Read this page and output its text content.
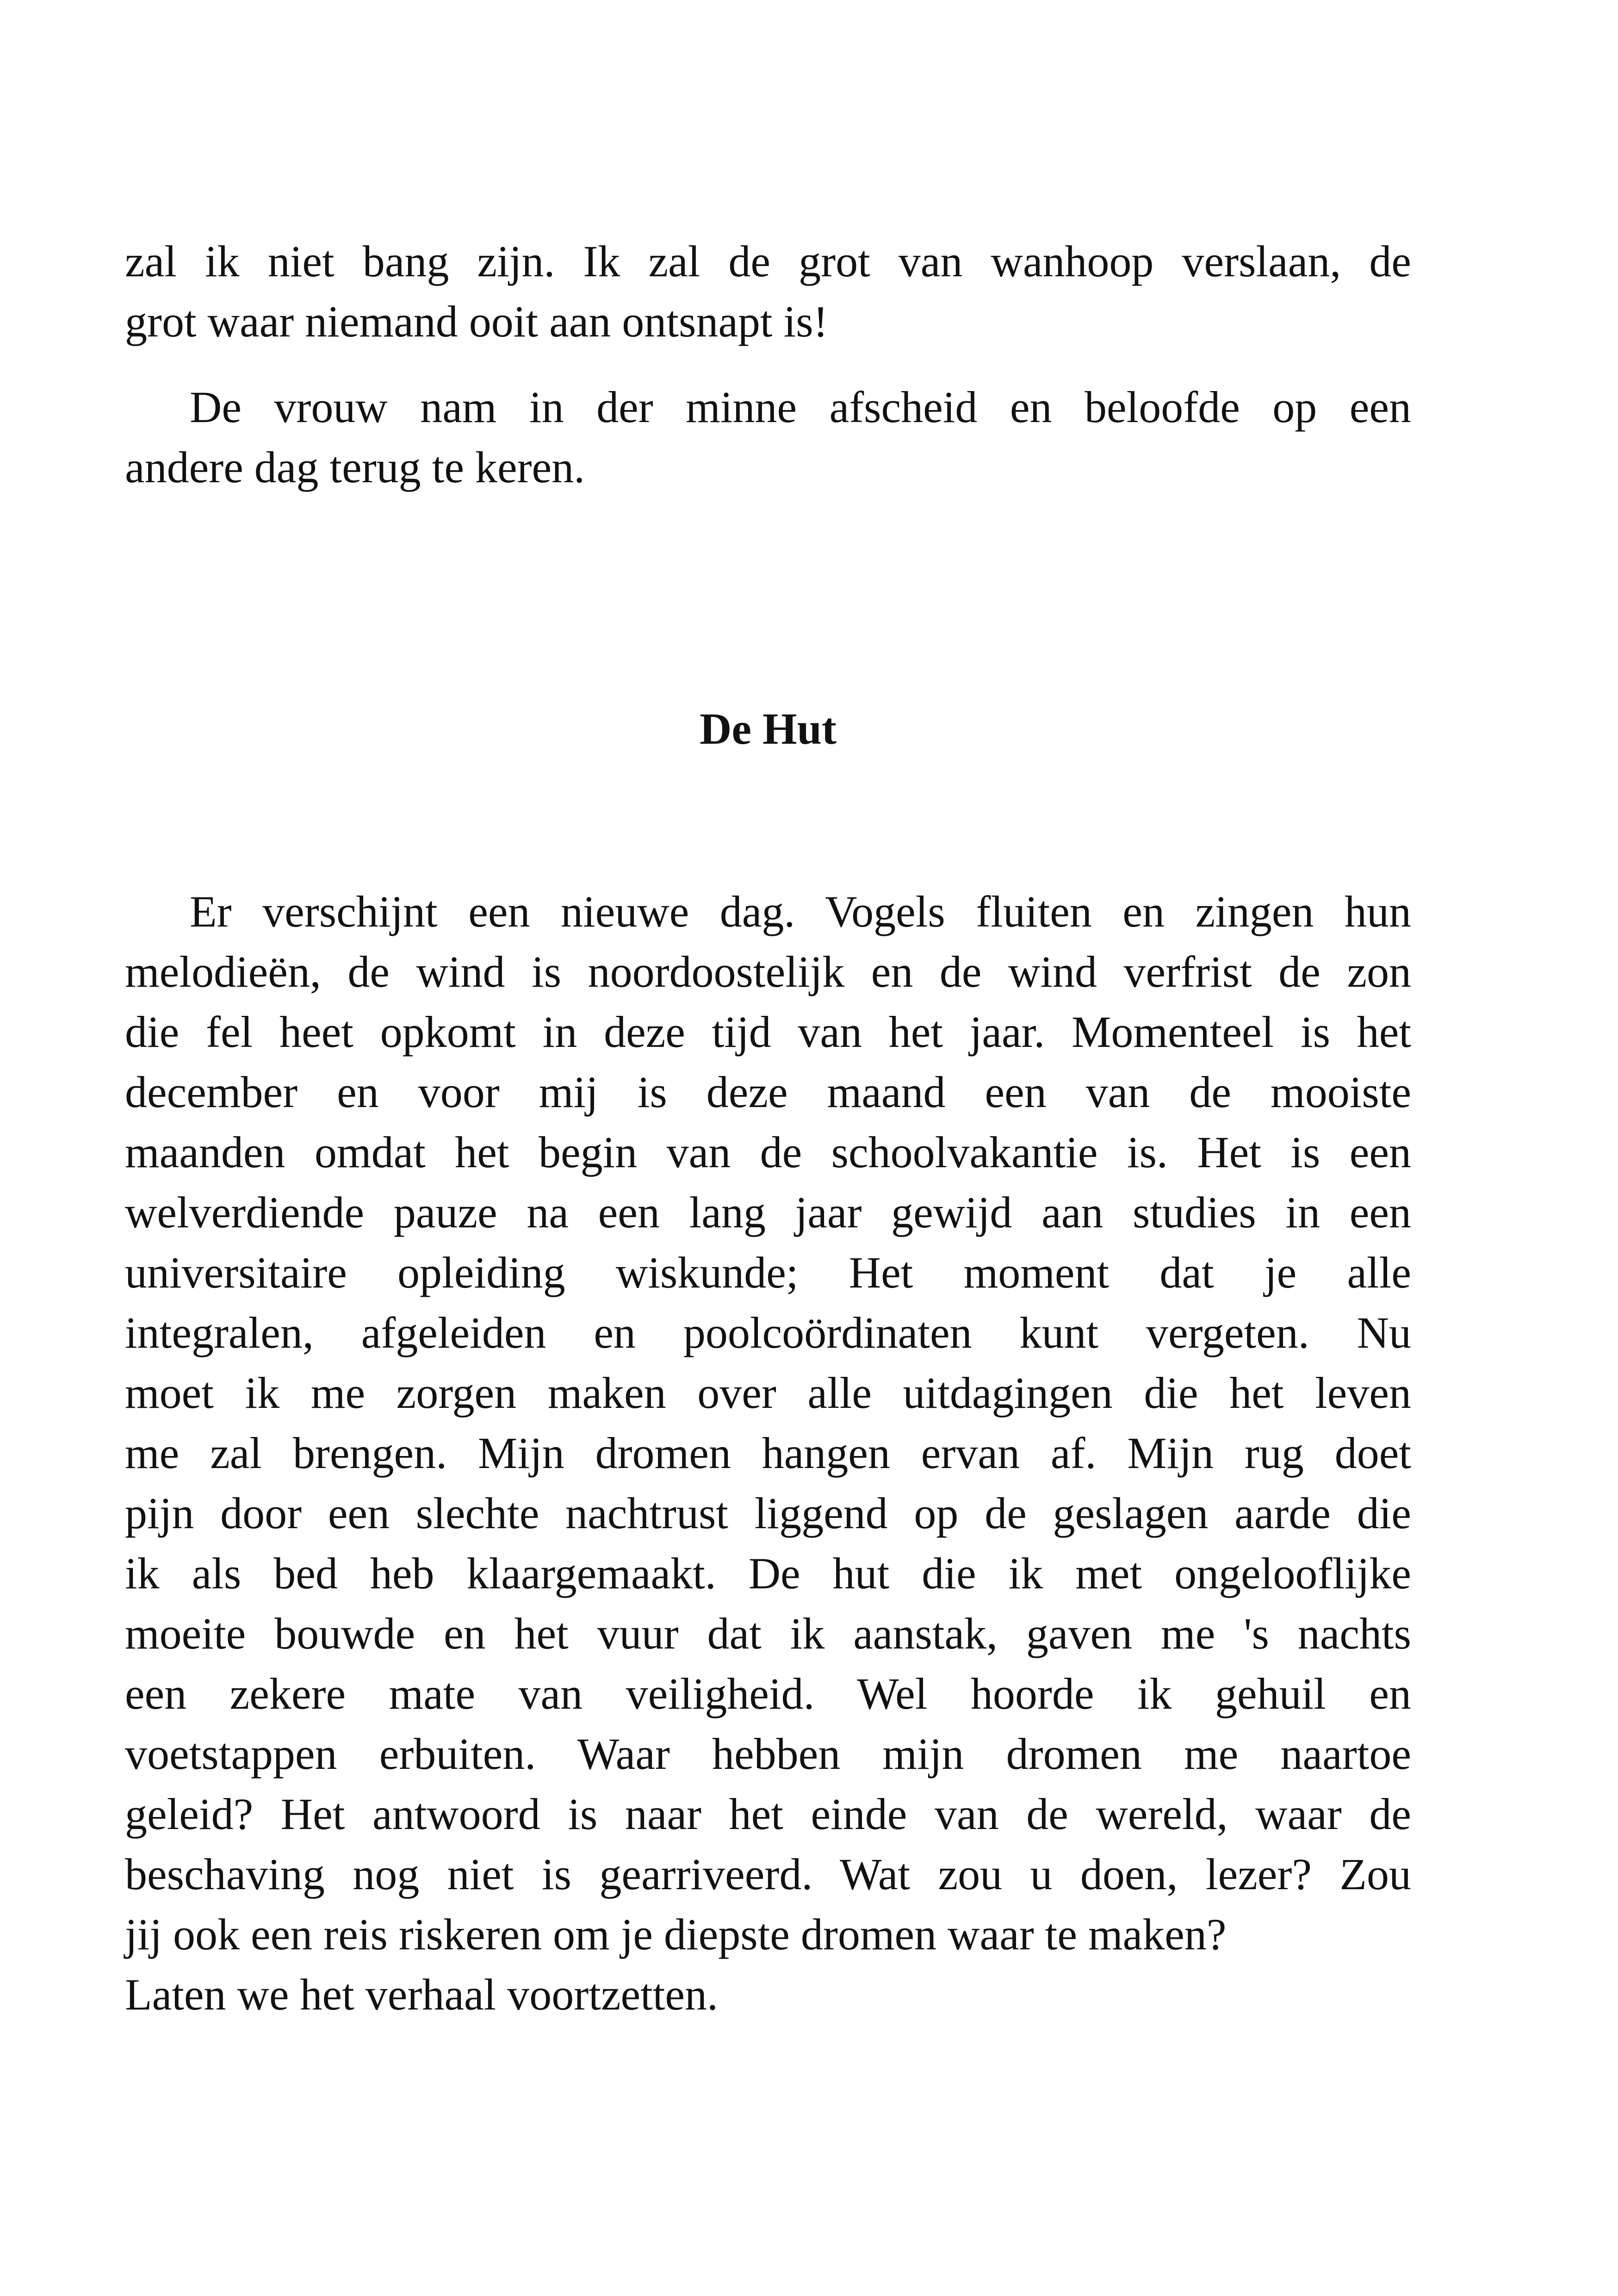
zal ik niet bang zijn. Ik zal de grot van wanhoop verslaan, de
grot waar niemand ooit aan ontsnapt is!
De vrouw nam in der minne afscheid en beloofde op een
andere dag terug te keren.
De Hut
Er verschijnt een nieuwe dag. Vogels fluiten en zingen hun
melodieën, de wind is noordoostelijk en de wind verfrist de zon
die fel heet opkomt in deze tijd van het jaar. Momenteel is het
december en voor mij is deze maand een van de mooiste
maanden omdat het begin van de schoolvakantie is. Het is een
welverdiende pauze na een lang jaar gewijd aan studies in een
universitaire opleiding wiskunde; Het moment dat je alle
integralen, afgeleiden en poolcoördinaten kunt vergeten. Nu
moet ik me zorgen maken over alle uitdagingen die het leven
me zal brengen. Mijn dromen hangen ervan af. Mijn rug doet
pijn door een slechte nachtrust liggend op de geslagen aarde die
ik als bed heb klaargemaakt. De hut die ik met ongelooflijke
moeite bouwde en het vuur dat ik aanstak, gaven me 's nachts
een zekere mate van veiligheid. Wel hoorde ik gehuil en
voetstappen erbuiten. Waar hebben mijn dromen me naartoe
geleid? Het antwoord is naar het einde van de wereld, waar de
beschaving nog niet is gearriveerd. Wat zou u doen, lezer? Zou
jij ook een reis riskeren om je diepste dromen waar te maken?
Laten we het verhaal voortzetten.
